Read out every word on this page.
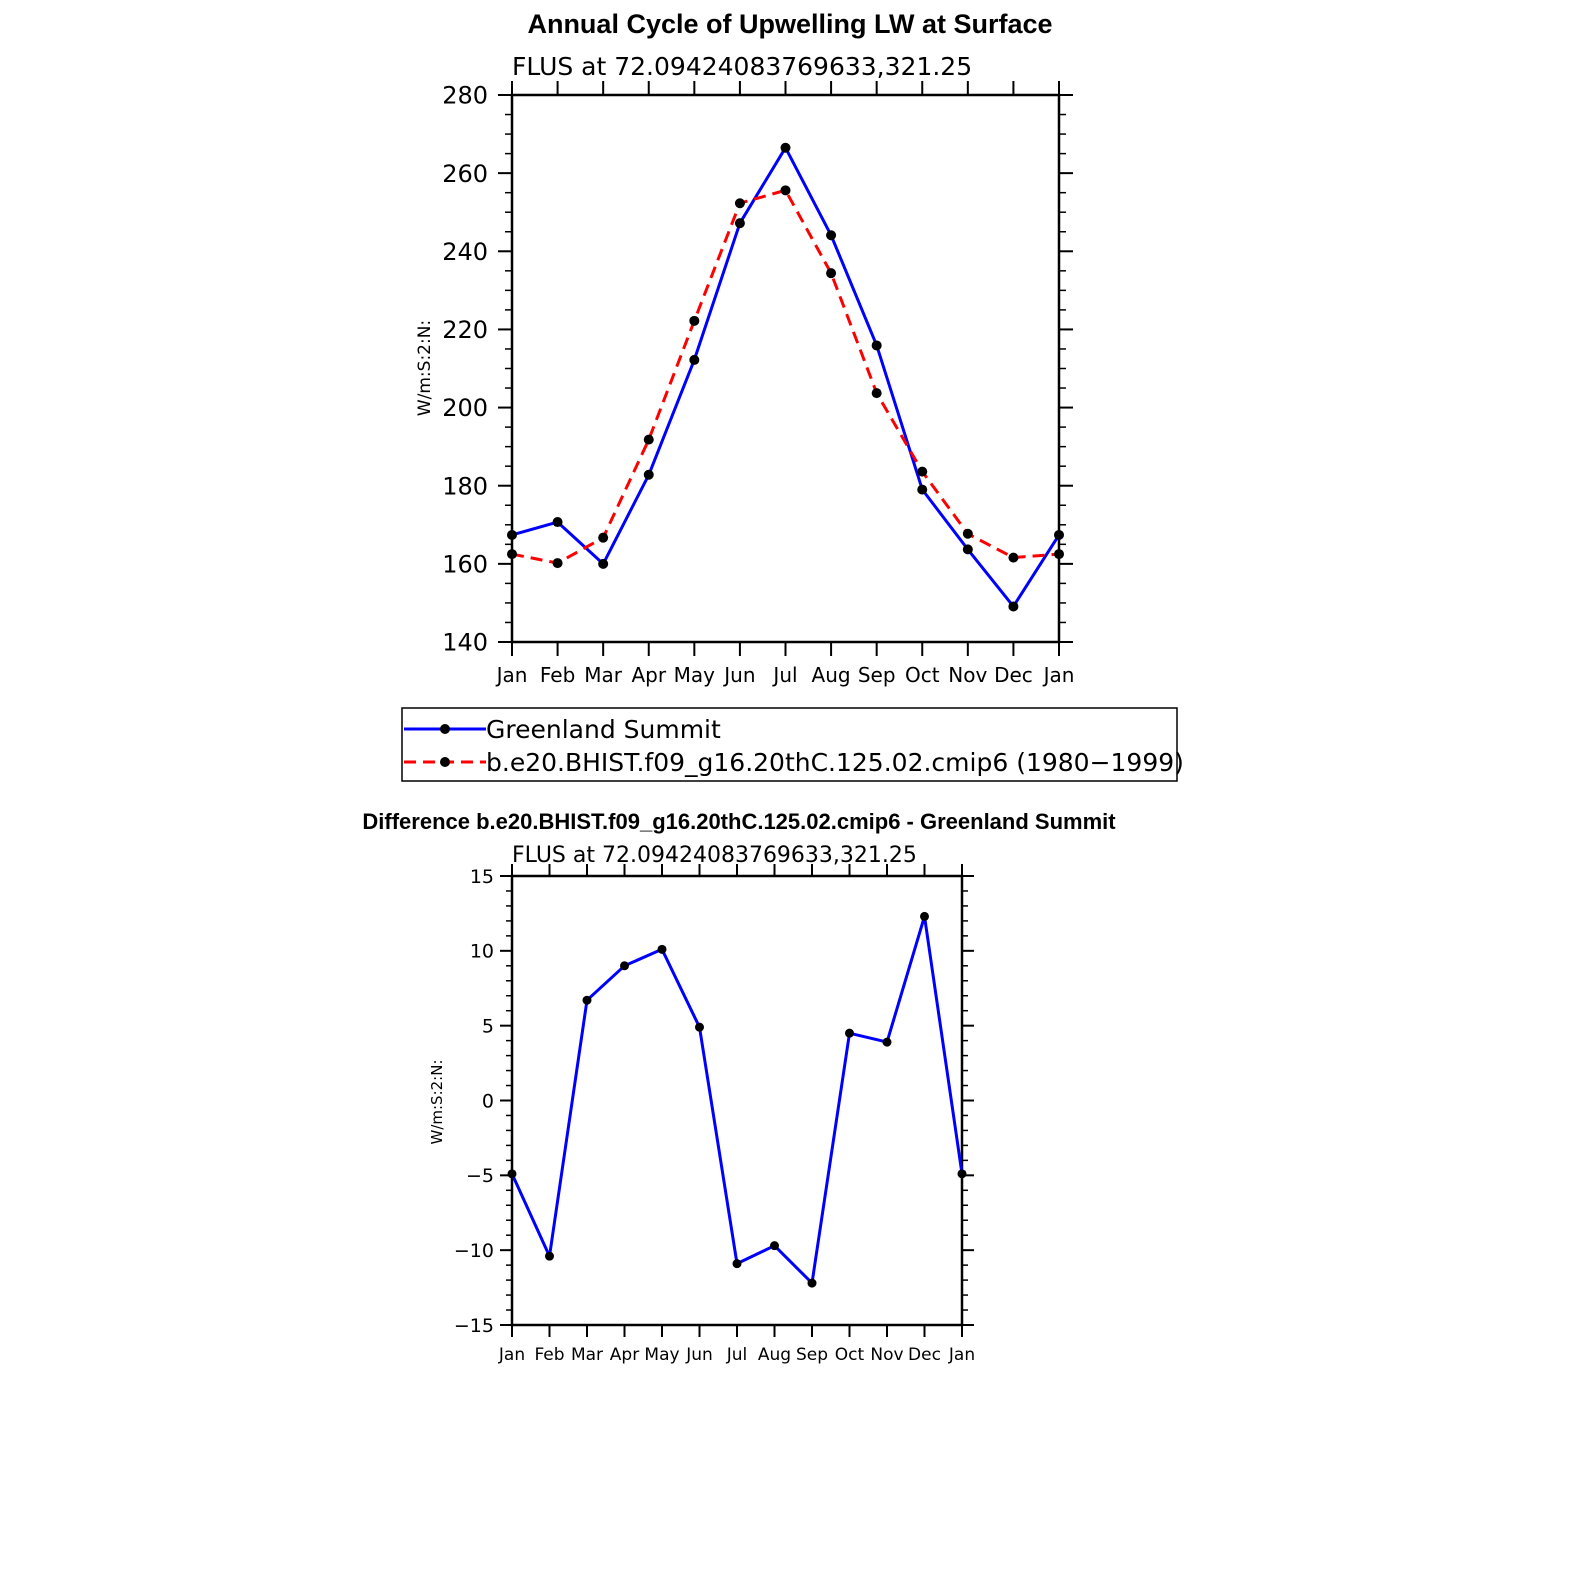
Annual Cycle of Upwelling LW at Surface
FLUS at 72.09424083769633,321.25
W/m:S:2:N:
Jan Feb Mar Apr May Jun Jul Aug Sep Oct Nov Dec Jan
140
160
180
200
220
240
260
280
Greenland Summit
b.e20.BHIST.f09_g16.20thC.125.02.cmip6 (1980−1999)
Difference b.e20.BHIST.f09_g16.20thC.125.02.cmip6 - Greenland Summit
FLUS at 72.09424083769633,321.25
W/m:S:2:N:
Jan Feb Mar Apr May Jun Jul Aug Sep Oct Nov Dec Jan
−15
−10
−5
0
5
10
15
